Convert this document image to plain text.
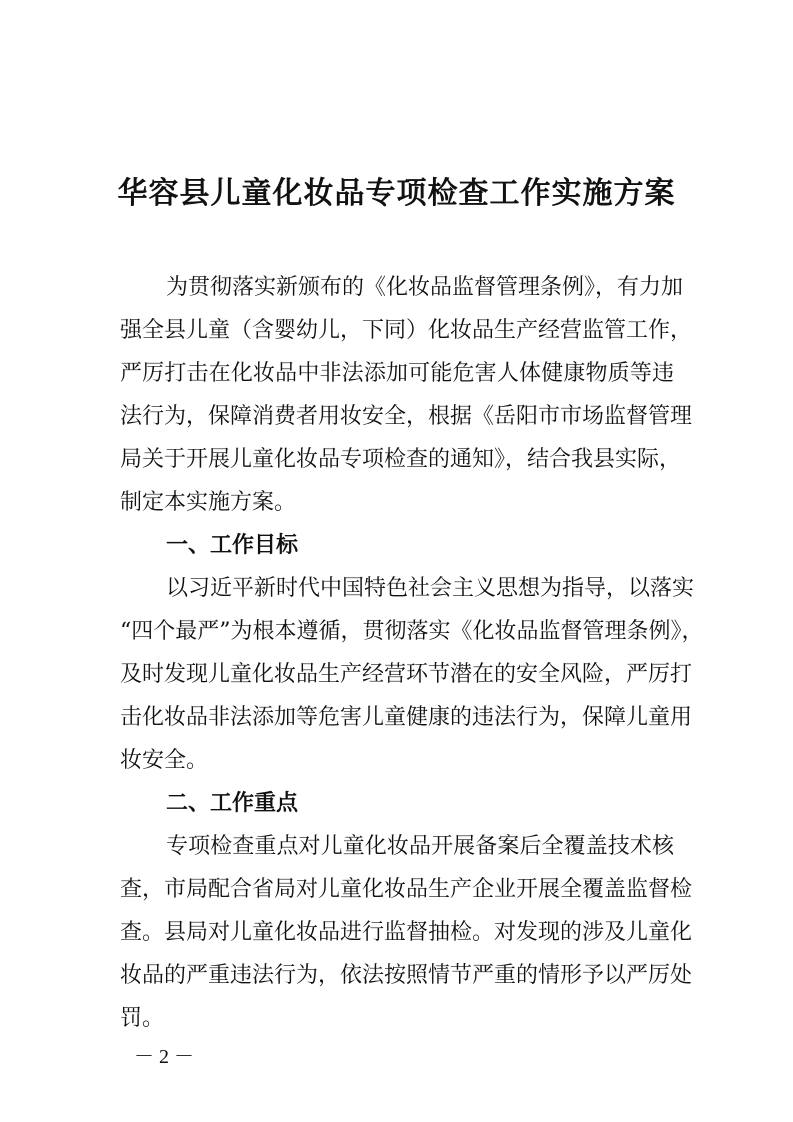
华容县儿童化妆品专项检查工作实施方案
为贯彻落实新颁布的《化妆品监督管理条例》，有力加
强全县儿童（含婴幼儿，下同）化妆品生产经营监管工作，
严厉打击在化妆品中非法添加可能危害人体健康物质等违
法行为，保障消费者用妆安全，根据《岳阳市市场监督管理
局关于开展儿童化妆品专项检查的通知》，结合我县实际，
制定本实施方案。
一、工作目标
以习近平新时代中国特色社会主义思想为指导，以落实
“四个最严”为根本遵循，贯彻落实《化妆品监督管理条例》，
及时发现儿童化妆品生产经营环节潜在的安全风险，严厉打
击化妆品非法添加等危害儿童健康的违法行为，保障儿童用
妆安全。
二、工作重点
专项检查重点对儿童化妆品开展备案后全覆盖技术核
查，市局配合省局对儿童化妆品生产企业开展全覆盖监督检
查。县局对儿童化妆品进行监督抽检。对发现的涉及儿童化
妆品的严重违法行为，依法按照情节严重的情形予以严厉处
罚。
－ 2 －
